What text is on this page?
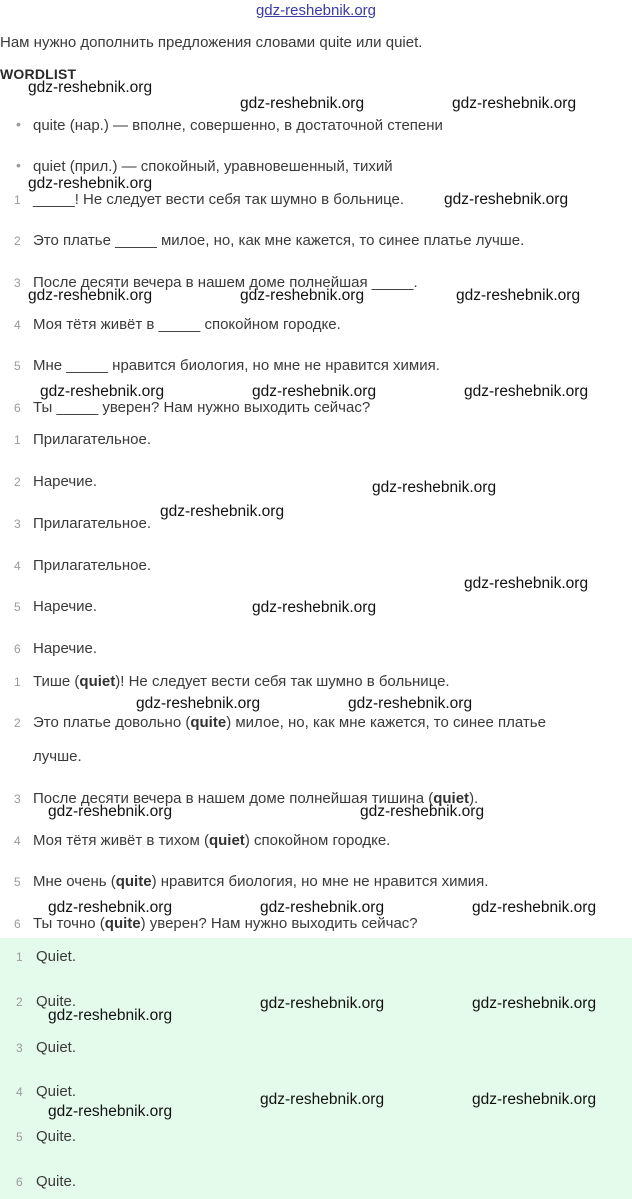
gdz-reshebnik.org
Нам нужно дополнить предложения словами quite или quiet.
WORDLIST
• quite (нар.) — вполне, совершенно, в достаточной степени
• quiet (прил.) — спокойный, уравновешенный, тихий
1 _____! Не следует вести себя так шумно в больнице.
2 Это платье _____ милое, но, как мне кажется, то синее платье лучше.
3 После десяти вечера в нашем доме полнейшая _____.
4 Моя тётя живёт в _____ спокойном городке.
5 Мне _____ нравится биология, но мне не нравится химия.
6 Ты _____ уверен? Нам нужно выходить сейчас?
1 Прилагательное.
2 Наречие.
3 Прилагательное.
4 Прилагательное.
5 Наречие.
6 Наречие.
1 Тише (quiet)! Не следует вести себя так шумно в больнице.
2 Это платье довольно (quite) милое, но, как мне кажется, то синее платье
лучше.
3 После десяти вечера в нашем доме полнейшая тишина (quiet).
4 Моя тётя живёт в тихом (quiet) спокойном городке.
5 Мне очень (quite) нравится биология, но мне не нравится химия.
6 Ты точно (quite) уверен? Нам нужно выходить сейчас?
1 Quiet.
2 Quite.
3 Quiet.
4 Quiet.
5 Quite.
6 Quite.
gdz-reshebnik.org
gdz-reshebnik.org	gdz-reshebnik.org
gdz-reshebnik.org
gdz-reshebnik.org
gdz-reshebnik.org	gdz-reshebnik.org	gdz-reshebnik.org
gdz-reshebnik.org	gdz-reshebnik.org	gdz-reshebnik.org
gdz-reshebnik.org
gdz-reshebnik.org
gdz-reshebnik.org
gdz-reshebnik.org
gdz-reshebnik.org	gdz-reshebnik.org
gdz-reshebnik.org	gdz-reshebnik.org
gdz-reshebnik.org	gdz-reshebnik.org	gdz-reshebnik.org
gdz-reshebnik.org	gdz-reshebnik.org
gdz-reshebnik.org
gdz-reshebnik.org	gdz-reshebnik.org
gdz-reshebnik.org
